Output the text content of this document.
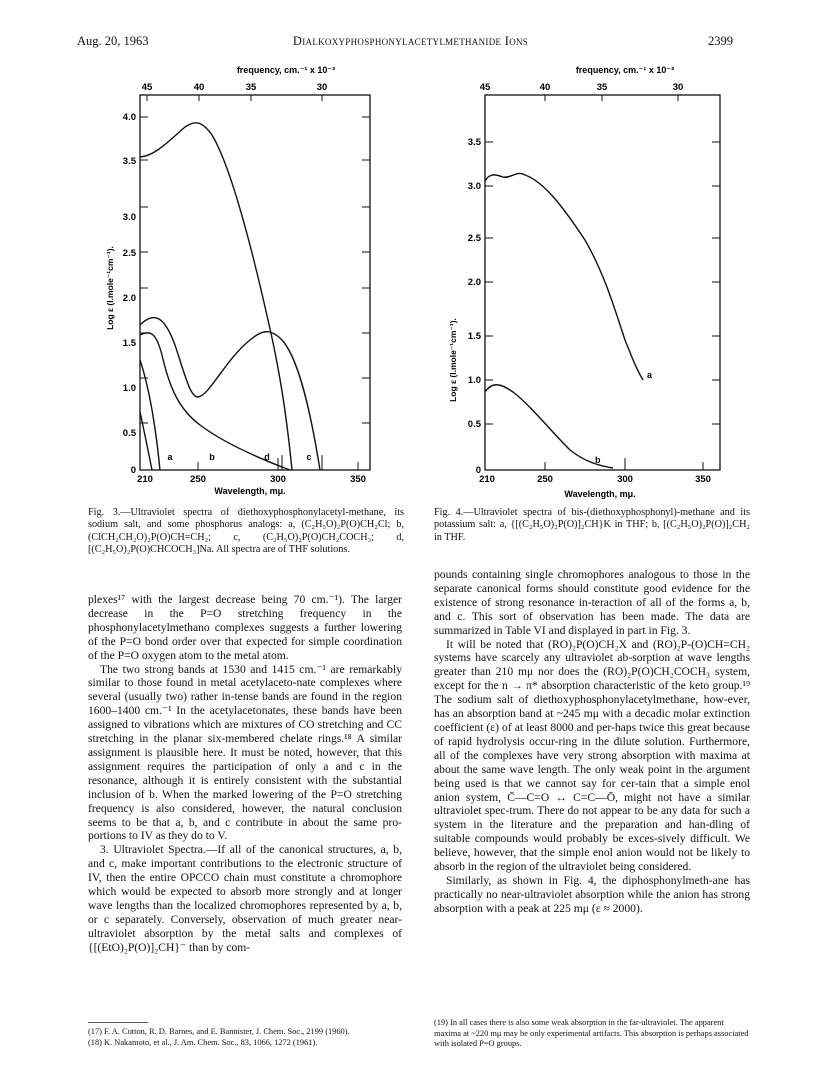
Aug. 20, 1963	Dialkoxyphosphonylacetylmethanide Ions	2399
frequency, cm.⁻¹ x 10⁻³
45	40	35	30
0
0.5
1.0
1.5
2.0
2.5
3.0
3.5
4.0
Log ε (l.mole⁻¹cm⁻¹).
210	250	300	350
Wavelength, mμ.
a	b	d	c
Fig. 3.—Ultraviolet spectra of diethoxyphosphonylacetyl-methane, its sodium salt, and some phosphorus analogs: a, (C₂H₅O)₂P(O)CH₂Cl; b, (ClCH₂CH₂O)₂P(O)CH=CH₂; c, (C₂H₅O)₂P(O)CH₂COCH₃; d, [(C₂H₅O)₂P(O)CHCOCH₃]Na. All spectra are of THF solutions.
frequency, cm.⁻¹ x 10⁻³
45	40	35	30
0
0.5
1.0
1.5
2.0
2.5
3.0
3.5
Log ε (l.mole⁻¹cm⁻¹).
210	250	300	350
Wavelength, mμ.
a
b
Fig. 4.—Ultraviolet spectra of bis-(diethoxyphosphonyl)-methane and its potassium salt: a, {[(C₂H₅O)₂P(O)]₂CH}K in THF; b, [(C₂H₅O)₂P(O)]₂CH₂ in THF.

plexes¹⁷ with the largest decrease being 70 cm.⁻¹). The larger decrease in the P=O stretching frequency in the phosphonylacetylmethano complexes suggests a further lowering of the P=O bond order over that expected for simple coordination of the P=O oxygen atom to the metal atom.

The two strong bands at 1530 and 1415 cm.⁻¹ are remarkably similar to those found in metal acetylaceto-nate complexes where several (usually two) rather in-tense bands are found in the region 1600–1400 cm.⁻¹ In the acetylacetonates, these bands have been assigned to vibrations which are mixtures of CO stretching and CC stretching in the planar six-membered chelate rings.¹⁸ A similar assignment is plausible here. It must be noted, however, that this assignment requires the participation of only a and c in the resonance, although it is entirely consistent with the substantial inclusion of b. When the marked lowering of the P=O stretching frequency is also considered, however, the natural conclusion seems to be that a, b, and c contribute in about the same pro-portions to IV as they do to V.

3. Ultraviolet Spectra.—If all of the canonical structures, a, b, and c, make important contributions to the electronic structure of IV, then the entire OPCCO chain must constitute a chromophore which would be expected to absorb more strongly and at longer wave lengths than the localized chromophores represented by a, b, or c separately. Conversely, observation of much greater near-ultraviolet absorption by the metal salts and complexes of {[(EtO)₂P(O)]₂CH}⁻ than by com-

pounds containing single chromophores analogous to those in the separate canonical forms should constitute good evidence for the existence of strong resonance in-teraction of all of the forms a, b, and c. This sort of observation has been made. The data are summarized in Table VI and displayed in part in Fig. 3.

It will be noted that (RO)₂P(O)CH₂X and (RO)₂P-(O)CH=CH₂ systems have scarcely any ultraviolet ab-sorption at wave lengths greater than 210 mμ nor does the (RO)₂P(O)CH₂COCH₃ system, except for the n → π* absorption characteristic of the keto group.¹⁹ The sodium salt of diethoxyphosphonylacetylmethane, how-ever, has an absorption band at ~245 mμ with a decadic molar extinction coefficient (ε) of at least 8000 and per-haps twice this great because of rapid hydrolysis occur-ring in the dilute solution. Furthermore, all of the complexes have very strong absorption with maxima at about the same wave length. The only weak point in the argument being used is that we cannot say for cer-tain that a simple enol anion system, C̄—C=O ↔ C=C—Ō, might not have a similar ultraviolet spec-trum. There do not appear to be any data for such a system in the literature and the preparation and han-dling of suitable compounds would probably be exces-sively difficult. We believe, however, that the simple enol anion would not be likely to absorb in the region of the ultraviolet being considered.

Similarly, as shown in Fig. 4, the diphosphonylmeth-ane has practically no near-ultraviolet absorption while the anion has strong absorption with a peak at 225 mμ (ε ≈ 2000).

(17) F. A. Cotton, R. D. Barnes, and E. Bannister, J. Chem. Soc., 2199 (1960).

(18) K. Nakamoto, et al., J. Am. Chem. Soc., 83, 1066, 1272 (1961).

(19) In all cases there is also some weak absorption in the far-ultraviolet. The apparent maxima at ~220 mμ may be only experimental artifacts. This absorption is perhaps associated with isolated P=O groups.
